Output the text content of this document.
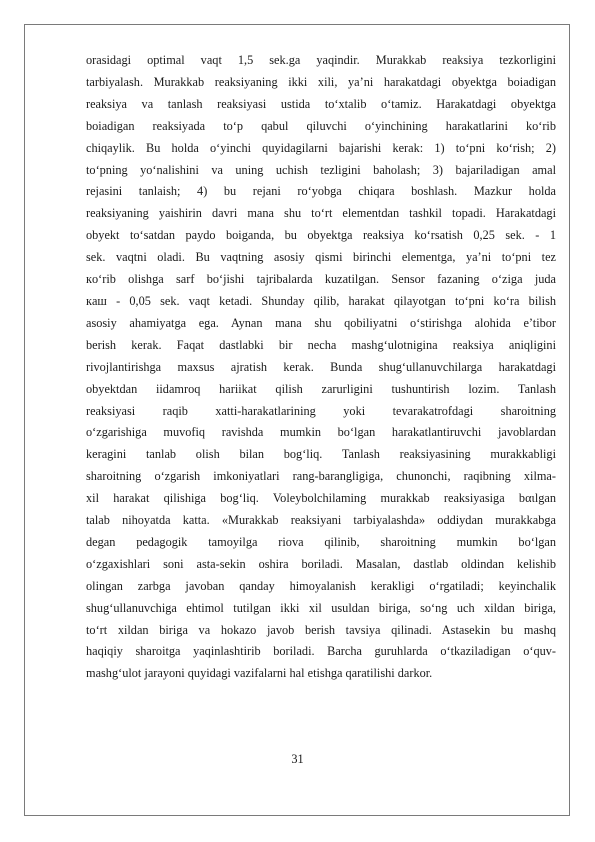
orasidagi optimal vaqt 1,5 sek.ga yaqindir. Murakkab reaksiya tezkorligini
tarbiyalash. Murakkab reaksiyaning ikki xili, ya’ni harakatdagi obyektga boiadigan
reaksiya va tanlash reaksiyasi ustida to‘xtalib o‘tamiz. Harakatdagi obyektga
boiadigan reaksiyada to‘p qabul qiluvchi o‘yinchining harakatlarini ko‘rib
chiqaylik. Bu holda o‘yinchi quyidagilarni bajarishi kerak: 1) to‘pni ko‘rish; 2)
to‘pning yo‘nalishini va uning uchish tezligini baholash; 3) bajariladigan amal
rejasini tanlaish; 4) bu rejani ro‘yobga chiqara boshlash. Mazkur holda
reaksiyaning yaishirin davri mana shu to‘rt elementdan tashkil topadi. Harakatdagi
obyekt to‘satdan paydo boiganda, bu obyektga reaksiya ko‘rsatish 0,25 sek. - 1
sek. vaqtni oladi. Bu vaqtning asosiy qismi birinchi elementga, ya’ni to‘pni tez
кo‘rib olishga sarf bo‘jishi tajribalarda kuzatilgan. Sensor fazaning o‘ziga juda
кaш - 0,05 sek. vaqt ketadi. Shunday qilib, harakat qilayotgan to‘pni ko‘ra bilish
asosiy ahamiyatga ega. Aynan mana shu qobiliyatni o‘stirishga alohida e’tibor
berish kerak. Faqat dastlabki bir necha mashg‘ulotnigina reaksiya aniqligini
rivojlantirishga maxsus ajratish kerak. Bunda shug‘ullanuvchilarga harakatdagi
obyektdan iidamroq hariikat qilish zarurligini tushuntirish lozim. Tanlash
reaksiyasi raqib xatti-harakatlarining yoki tevarakatrofdagi sharoitning
o‘zgarishiga muvofiq ravishda mumkin bo‘lgan harakatlantiruvchi javoblardan
keragini tanlab olish bilan bog‘liq. Tanlash reaksiyasining murakkabligi
sharoitning o‘zgarish imkoniyatlari rang-barangligiga, chunonchi, raqibning xilma-
xil harakat qilishiga bog‘liq. Voleybolchilaming murakkab reaksiyasiga bαιlgan
talab nihoyatda katta. «Murakkab reaksiyani tarbiyalashda» oddiydan murakkabga
degan pedagogik tamoyilga riova qilinib, sharoitning mumkin bo‘lgan
o‘zgaxishlari soni asta-sekin oshira boriladi. Masalan, dastlab oldindan kelishib
olingan zarbga javoban qanday himoyalanish kerakligi o‘rgatiladi; keyinchalik
shug‘ullanuvchiga ehtimol tutilgan ikki xil usuldan biriga, so‘ng uch xildan biriga,
to‘rt xildan biriga va hokazo javob berish tavsiya qilinadi. Astasekin bu mashq
haqiqiy sharoitga yaqinlashtirib boriladi. Barcha guruhlarda o‘tkaziladigan o‘quv-
mashg‘ulot jarayoni quyidagi vazifalarni hal etishga qaratilishi darkor.
31
